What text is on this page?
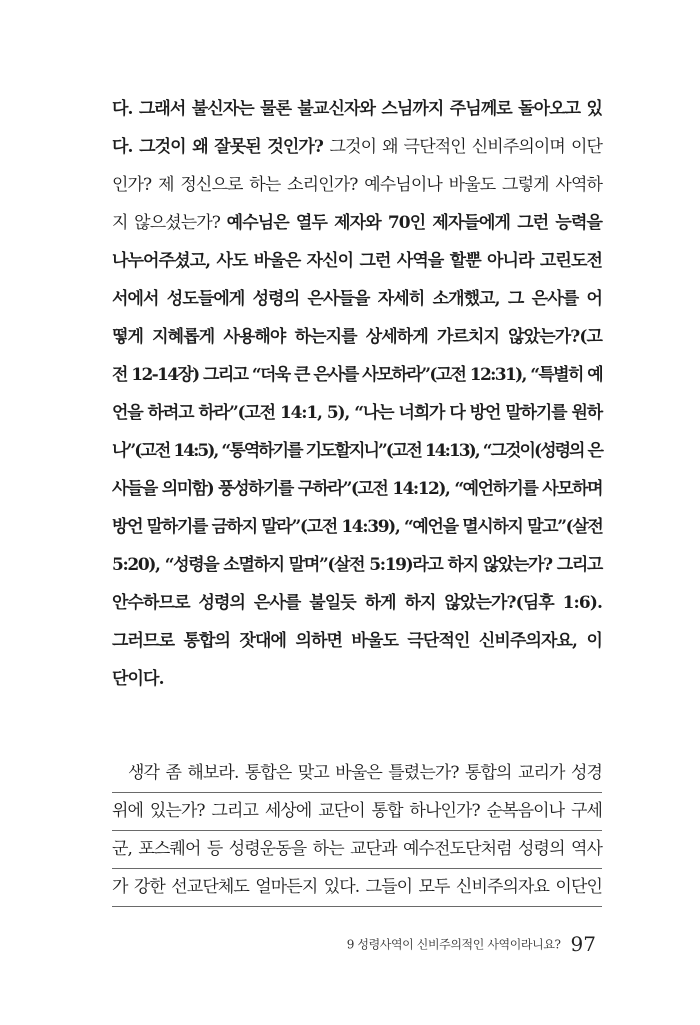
다. 그래서 불신자는 물론 불교신자와 스님까지 주님께로 돌아오고 있
다. 그것이 왜 잘못된 것인가? 그것이 왜 극단적인 신비주의이며 이단
인가? 제 정신으로 하는 소리인가? 예수님이나 바울도 그렇게 사역하
지 않으셨는가? 예수님은 열두 제자와 70인 제자들에게 그런 능력을
나누어주셨고, 사도 바울은 자신이 그런 사역을 할뿐 아니라 고린도전
서에서 성도들에게 성령의 은사들을 자세히 소개했고, 그 은사를 어
떻게 지혜롭게 사용해야 하는지를 상세하게 가르치지 않았는가?(고
전 12-14장) 그리고 “더욱 큰 은사를 사모하라”(고전 12:31), “특별히 예
언을 하려고 하라”(고전 14:1, 5), “나는 너희가 다 방언 말하기를 원하
나”(고전 14:5), “통역하기를 기도할지니”(고전 14:13), “그것이(성령의 은
사들을 의미함) 풍성하기를 구하라”(고전 14:12), “예언하기를 사모하며
방언 말하기를 금하지 말라”(고전 14:39), “예언을 멸시하지 말고”(살전
5:20), “성령을 소멸하지 말며”(살전 5:19)라고 하지 않았는가? 그리고
안수하므로 성령의 은사를 불일듯 하게 하지 않았는가?(딤후 1:6).
그러므로 통합의 잣대에 의하면 바울도 극단적인 신비주의자요, 이
단이다.
생각 좀 해보라. 통합은 맞고 바울은 틀렸는가? 통합의 교리가 성경
위에 있는가? 그리고 세상에 교단이 통합 하나인가? 순복음이나 구세
군, 포스퀘어 등 성령운동을 하는 교단과 예수전도단처럼 성령의 역사
가 강한 선교단체도 얼마든지 있다. 그들이 모두 신비주의자요 이단인
9 성령사역이 신비주의적인 사역이라니요? 97
